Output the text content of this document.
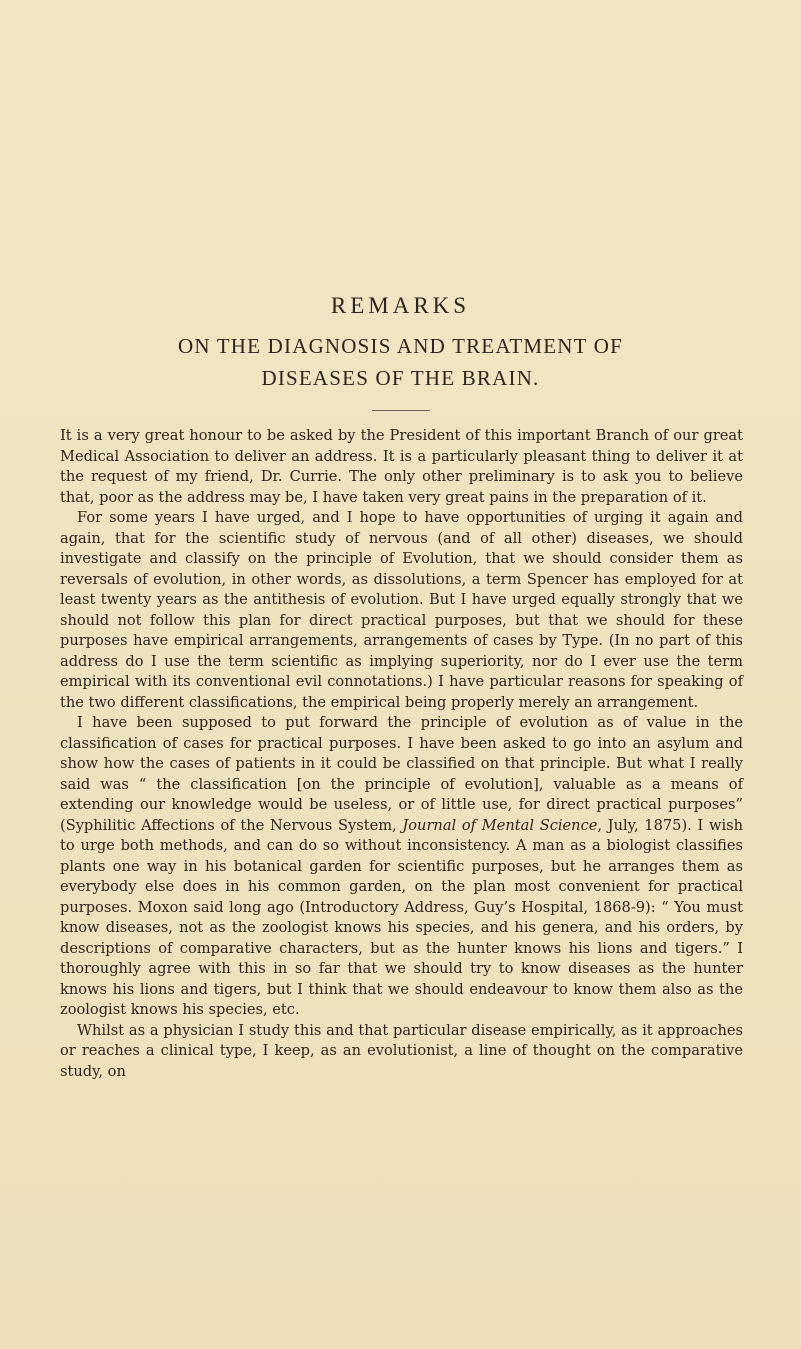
REMARKS
ON THE DIAGNOSIS AND TREATMENT OF
DISEASES OF THE BRAIN.

It is a very great honour to be asked by the President of this important Branch of our great Medical Association to deliver an address. It is a particularly pleasant thing to deliver it at the request of my friend, Dr. Currie. The only other preliminary is to ask you to believe that, poor as the address may be, I have taken very great pains in the preparation of it.

For some years I have urged, and I hope to have opportunities of urging it again and again, that for the scientific study of nervous (and of all other) diseases, we should investigate and classify on the principle of Evolution, that we should consider them as reversals of evolution, in other words, as dissolutions, a term Spencer has employed for at least twenty years as the antithesis of evolution. But I have urged equally strongly that we should not follow this plan for direct practical purposes, but that we should for these purposes have empirical arrangements, arrangements of cases by Type. (In no part of this address do I use the term scientific as implying superiority, nor do I ever use the term empirical with its conventional evil connotations.) I have particular reasons for speaking of the two different classifications, the empirical being properly merely an arrangement.

I have been supposed to put forward the principle of evolution as of value in the classification of cases for practical purposes. I have been asked to go into an asylum and show how the cases of patients in it could be classified on that principle. But what I really said was “ the classification [on the principle of evolution], valuable as a means of extending our knowledge would be useless, or of little use, for direct practical purposes” (Syphilitic Affections of the Nervous System, Journal of Mental Science, July, 1875). I wish to urge both methods, and can do so without inconsistency. A man as a biologist classifies plants one way in his botanical garden for scientific purposes, but he arranges them as everybody else does in his common garden, on the plan most convenient for practical purposes. Moxon said long ago (Introductory Address, Guy’s Hospital, 1868-9): “ You must know diseases, not as the zoologist knows his species, and his genera, and his orders, by descriptions of comparative characters, but as the hunter knows his lions and tigers.” I thoroughly agree with this in so far that we should try to know diseases as the hunter knows his lions and tigers, but I think that we should endeavour to know them also as the zoologist knows his species, etc.

Whilst as a physician I study this and that particular disease empirically, as it approaches or reaches a clinical type, I keep, as an evolutionist, a line of thought on the comparative study, on
